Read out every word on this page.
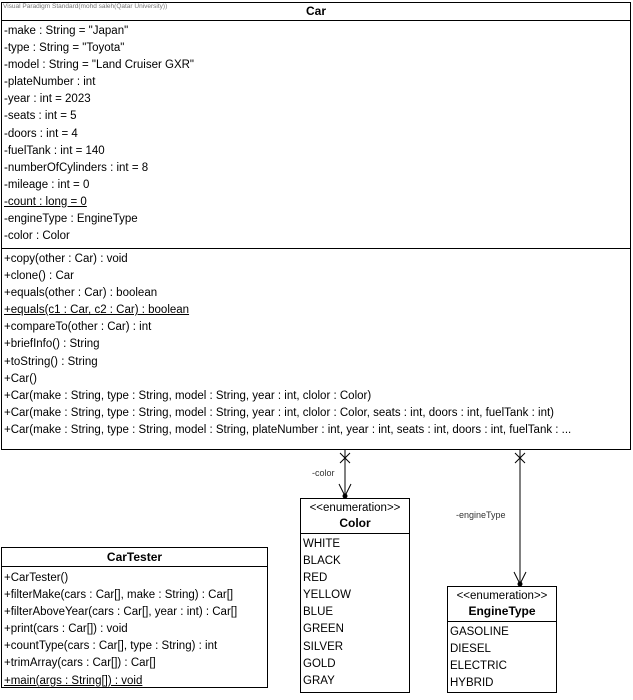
Visual Paradigm Standard(mohd saleh(Qatar University))	Car
-make : String = "Japan"
-type : String = "Toyota"
-model : String = "Land Cruiser GXR"
-plateNumber : int
-year : int = 2023
-seats : int = 5
-doors : int = 4
-fuelTank : int = 140
-numberOfCylinders : int = 8
-mileage : int = 0
-count : long = 0
-engineType : EngineType
-color : Color
+copy(other : Car) : void
+clone() : Car
+equals(other : Car) : boolean
+equals(c1 : Car, c2 : Car) : boolean
+compareTo(other : Car) : int
+briefInfo() : String
+toString() : String
+Car()
+Car(make : String, type : String, model : String, year : int, clolor : Color)
+Car(make : String, type : String, model : String, year : int, clolor : Color, seats : int, doors : int, fuelTank : int)
+Car(make : String, type : String, model : String, plateNumber : int, year : int, seats : int, doors : int, fuelTank : ...
-color
-engineType
CarTester
+CarTester()
+filterMake(cars : Car[], make : String) : Car[]
+filterAboveYear(cars : Car[], year : int) : Car[]
+print(cars : Car[]) : void
+countType(cars : Car[], type : String) : int
+trimArray(cars : Car[]) : Car[]
+main(args : String[]) : void
<<enumeration>>
Color
WHITE
BLACK
RED
YELLOW
BLUE
GREEN
SILVER
GOLD
GRAY
<<enumeration>>
EngineType
GASOLINE
DIESEL
ELECTRIC
HYBRID
